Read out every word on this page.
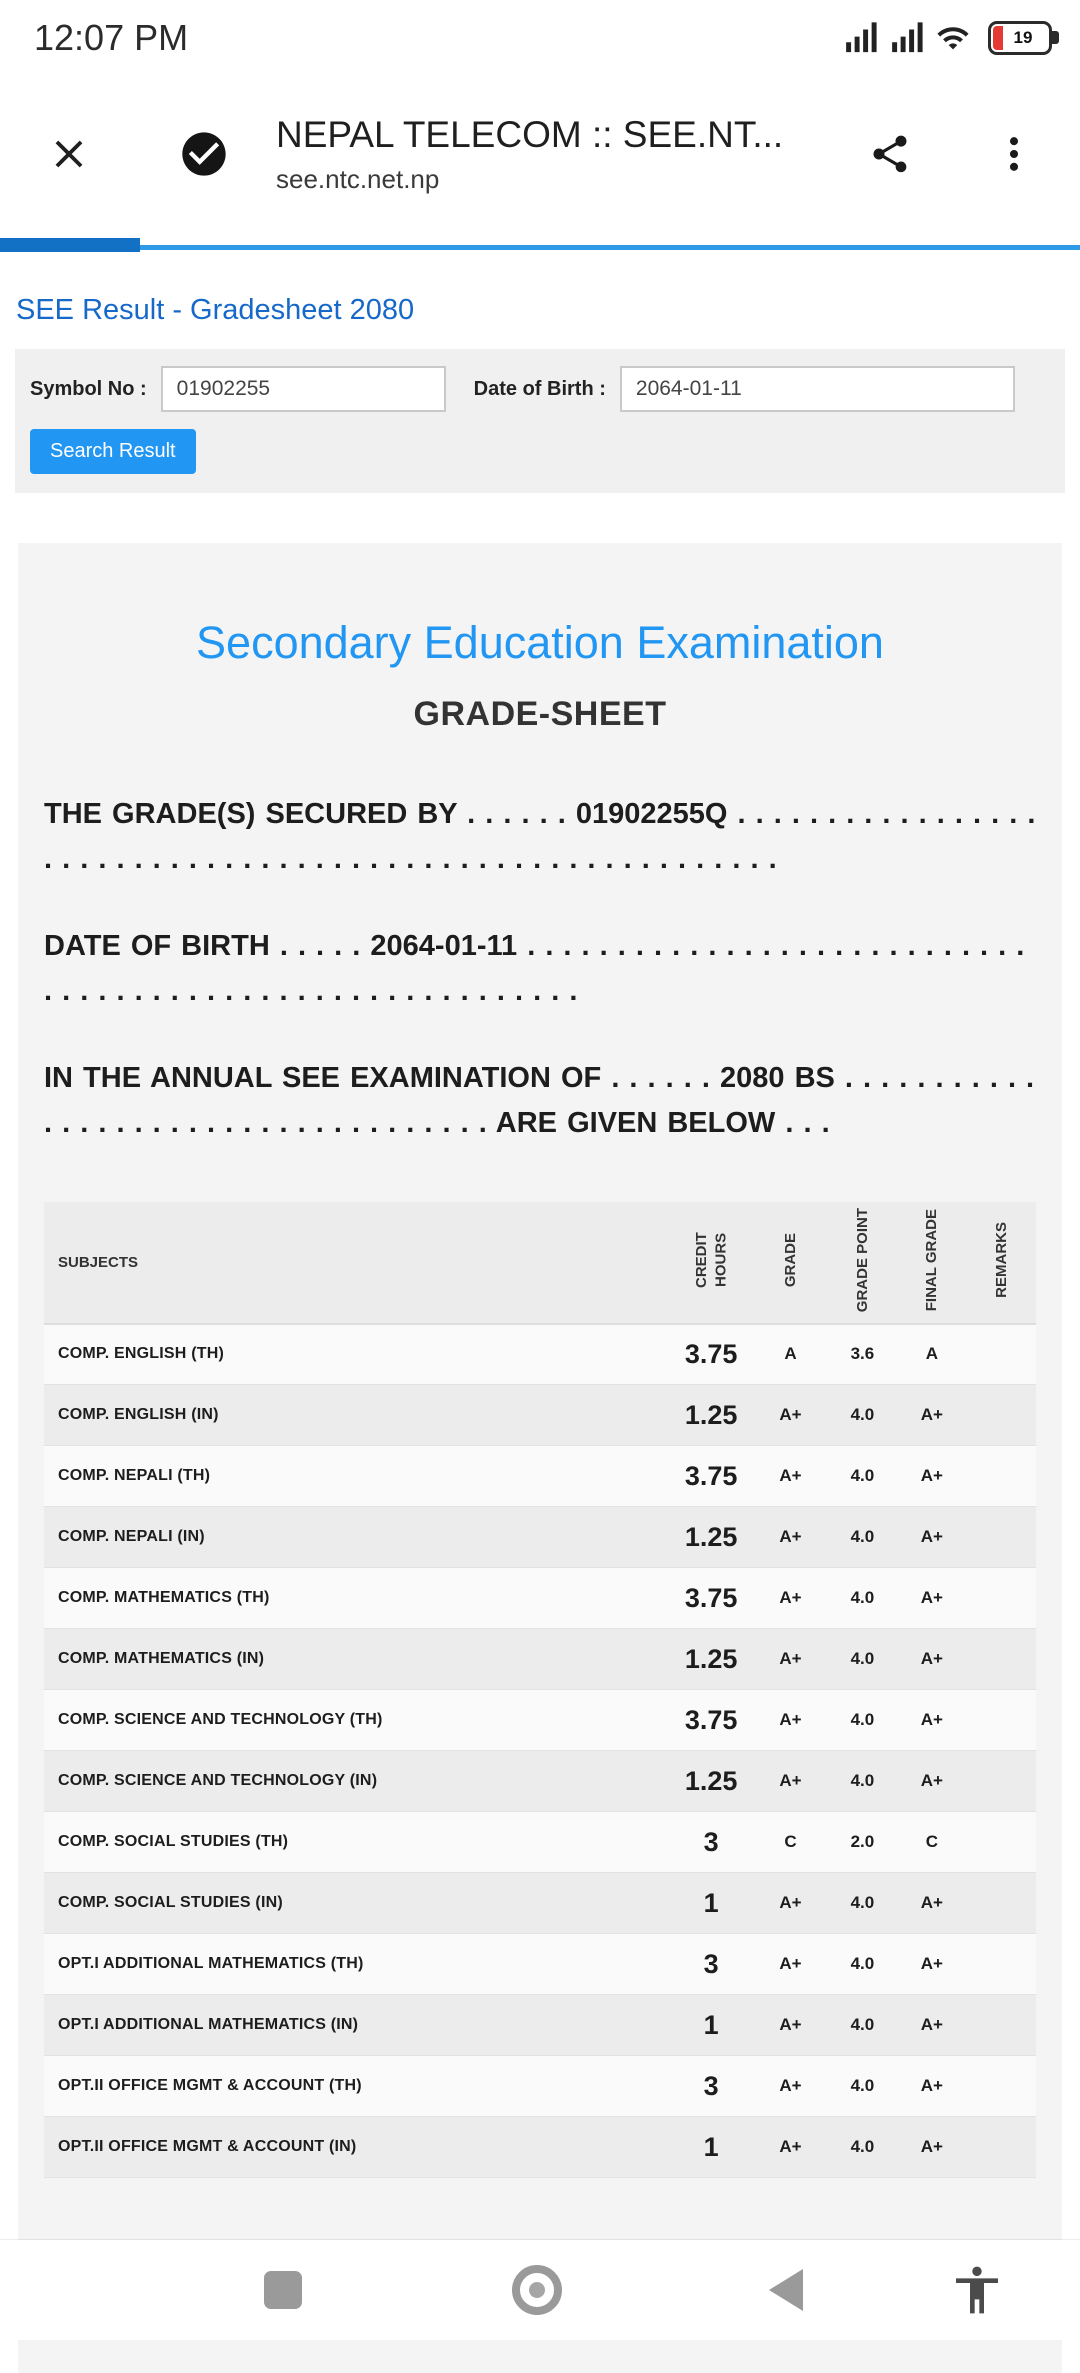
12:07 PM	19
NEPAL TELECOM :: SEE.NT...
see.ntc.net.np
SEE Result - Gradesheet 2080
Symbol No :
01902255	Date of Birth :
2064-01-11
Search Result
Secondary Education Examination
GRADE-SHEET

THE GRADE(S) SECURED BY . . . . . . 01902255Q . . . . . . . . . . . . . . . . . . . . . . . . . . . . . . . . . . . . . . . . . . . . . . . . . . . . . . . . . .

DATE OF BIRTH . . . . . 2064-01-11 . . . . . . . . . . . . . . . . . . . . . . . . . . . . . . . . . . . . . . . . . . . . . . . . . . . . . . . . . .

IN THE ANNUAL SEE EXAMINATION OF . . . . . . 2080 BS . . . . . . . . . . . . . . . . . . . . . . . . . . . . . . . . . . . . ARE GIVEN BELOW . . .

SUBJECTS	CREDIT HOURS	GRADE	GRADE POINT	FINAL GRADE	REMARKS
COMP. ENGLISH (TH)	3.75	A	3.6	A	
COMP. ENGLISH (IN)	1.25	A+	4.0	A+	
COMP. NEPALI (TH)	3.75	A+	4.0	A+	
COMP. NEPALI (IN)	1.25	A+	4.0	A+	
COMP. MATHEMATICS (TH)	3.75	A+	4.0	A+	
COMP. MATHEMATICS (IN)	1.25	A+	4.0	A+	
COMP. SCIENCE AND TECHNOLOGY (TH)	3.75	A+	4.0	A+	
COMP. SCIENCE AND TECHNOLOGY (IN)	1.25	A+	4.0	A+	
COMP. SOCIAL STUDIES (TH)	3	C	2.0	C	
COMP. SOCIAL STUDIES (IN)	1	A+	4.0	A+	
OPT.I ADDITIONAL MATHEMATICS (TH)	3	A+	4.0	A+	
OPT.I ADDITIONAL MATHEMATICS (IN)	1	A+	4.0	A+	
OPT.II OFFICE MGMT & ACCOUNT (TH)	3	A+	4.0	A+	
OPT.II OFFICE MGMT & ACCOUNT (IN)	1	A+	4.0	A+	
